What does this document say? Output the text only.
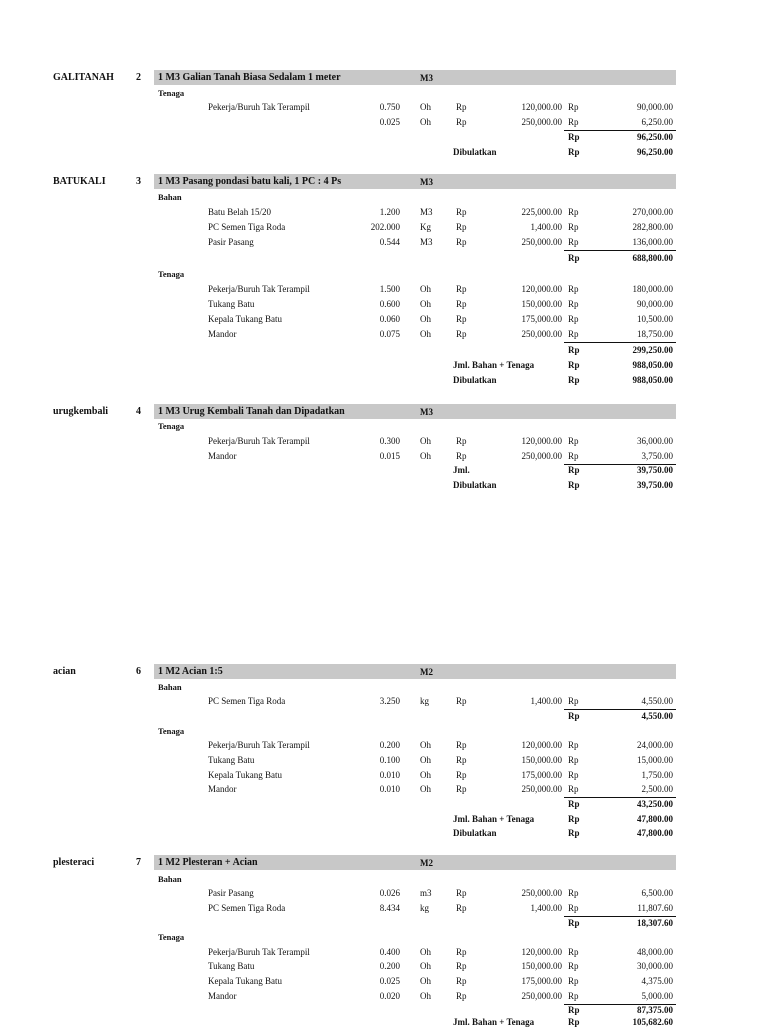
GALITANAH 2 1 M3 Galian Tanah Biasa Sedalam 1 meter	M3
Tenaga
Pekerja/Buruh Tak Terampil	0.750 Oh	Rp	120,000.00 Rp	90,000.00
0.025 Oh	Rp	250,000.00 Rp	6,250.00
Rp	96,250.00
Dibulatkan	Rp	96,250.00
BATUKALI	3 1 M3 Pasang pondasi batu kali, 1 PC : 4 Ps	M3
Bahan
Batu Belah 15/20	1.200 M3	Rp	225,000.00 Rp	270,000.00
PC Semen Tiga Roda	202.000 Kg	Rp	1,400.00 Rp	282,800.00
Pasir Pasang	0.544 M3	Rp	250,000.00 Rp	136,000.00
Rp	688,800.00
Tenaga
Pekerja/Buruh Tak Terampil	1.500 Oh	Rp	120,000.00 Rp	180,000.00
Tukang Batu	0.600 Oh	Rp	150,000.00 Rp	90,000.00
Kepala Tukang Batu	0.060 Oh	Rp	175,000.00 Rp	10,500.00
Mandor	0.075 Oh	Rp	250,000.00 Rp	18,750.00
Rp	299,250.00
Jml. Bahan + Tenaga	Rp	988,050.00
Dibulatkan	Rp	988,050.00
urugkembali	4 1 M3 Urug Kembali Tanah dan Dipadatkan	M3
Tenaga
Pekerja/Buruh Tak Terampil	0.300 Oh	Rp	120,000.00 Rp	36,000.00
Mandor	0.015 Oh	Rp	250,000.00 Rp	3,750.00
Jml.	Rp	39,750.00
Dibulatkan	Rp	39,750.00
acian	6 1 M2 Acian 1:5	M2
Bahan
PC Semen Tiga Roda	3.250 kg	Rp	1,400.00 Rp	4,550.00
Rp	4,550.00
Tenaga
Pekerja/Buruh Tak Terampil	0.200 Oh	Rp	120,000.00 Rp	24,000.00
Tukang Batu	0.100 Oh	Rp	150,000.00 Rp	15,000.00
Kepala Tukang Batu	0.010 Oh	Rp	175,000.00 Rp	1,750.00
Mandor	0.010 Oh	Rp	250,000.00 Rp	2,500.00
Rp	43,250.00
Jml. Bahan + Tenaga	Rp	47,800.00
Dibulatkan	Rp	47,800.00
plesteraci	7 1 M2 Plesteran + Acian	M2
Bahan
Pasir Pasang	0.026 m3	Rp	250,000.00 Rp	6,500.00
PC Semen Tiga Roda	8.434 kg	Rp	1,400.00 Rp	11,807.60
Rp	18,307.60
Tenaga
Pekerja/Buruh Tak Terampil	0.400 Oh	Rp	120,000.00 Rp	48,000.00
Tukang Batu	0.200 Oh	Rp	150,000.00 Rp	30,000.00
Kepala Tukang Batu	0.025 Oh	Rp	175,000.00 Rp	4,375.00
Mandor	0.020 Oh	Rp	250,000.00 Rp	5,000.00
Rp	87,375.00
Jml. Bahan + Tenaga	Rp	105,682.60
